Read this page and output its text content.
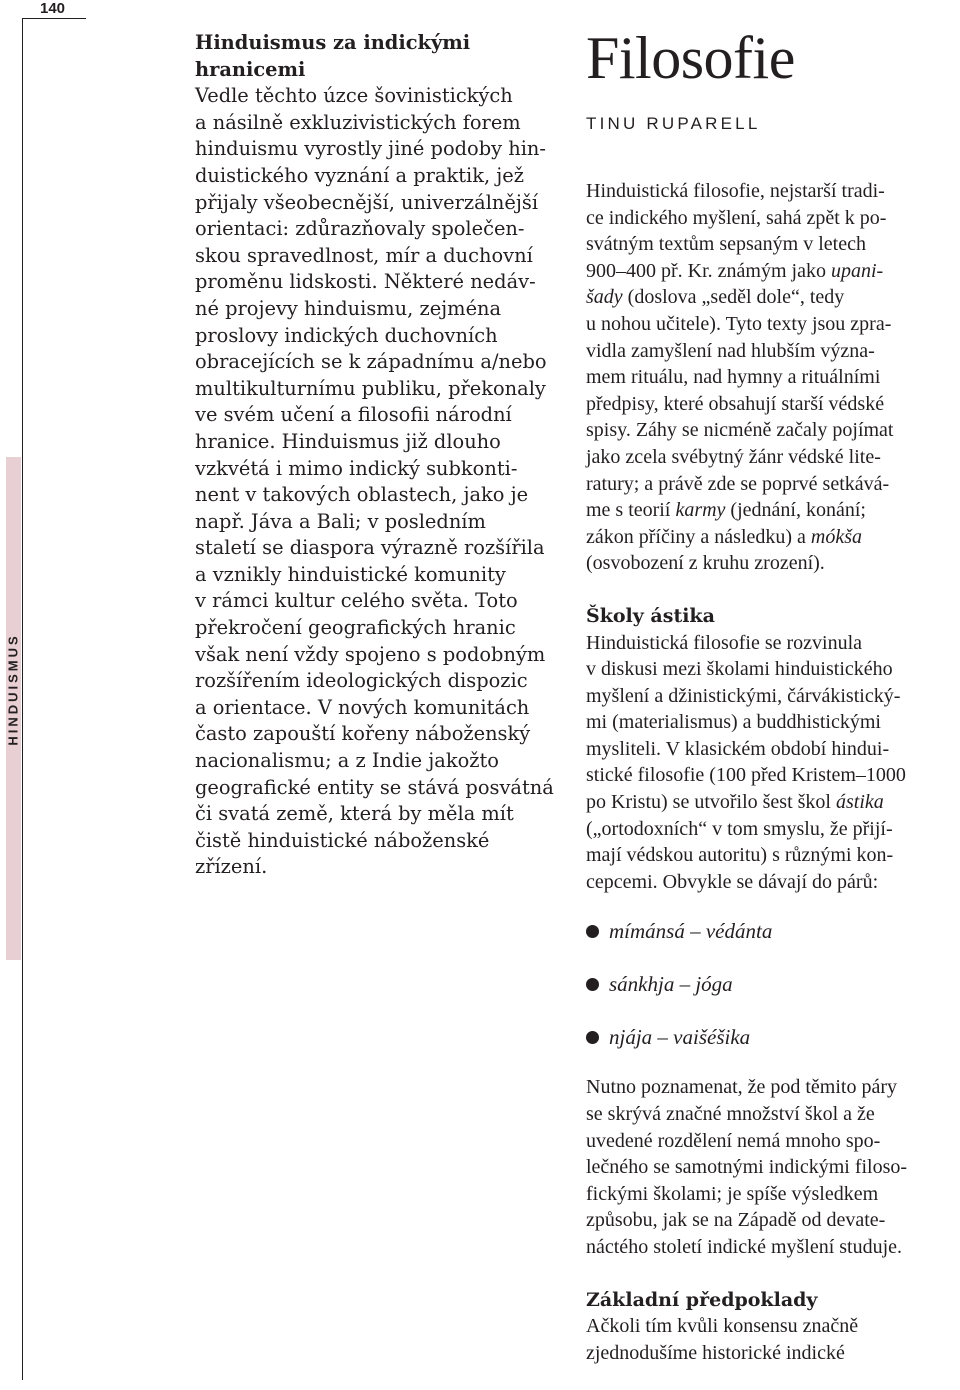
140
HINDUISMUS
Hinduismus za indickými
hranicemi
Vedle těchto úzce šovinistických
a násilně exkluzivistických forem
hinduismu vyrostly jiné podoby hin-
duistického vyznání a praktik, jež
přijaly všeobecnější, univerzálnější
orientaci: zdůrazňovaly společen-
skou spravedlnost, mír a duchovní
proměnu lidskosti. Některé nedáv-
né projevy hinduismu, zejména
proslovy indických duchovních
obracejících se k západnímu a/nebo
multikulturnímu publiku, překonaly
ve svém učení a filosofii národní
hranice. Hinduismus již dlouho
vzkvétá i mimo indický subkonti-
nent v takových oblastech, jako je
např. Jáva a Bali; v posledním
staletí se diaspora výrazně rozšířila
a vznikly hinduistické komunity
v rámci kultur celého světa. Toto
překročení geografických hranic
však není vždy spojeno s podobným
rozšířením ideologických dispozic
a orientace. V nových komunitách
často zapouští kořeny náboženský
nacionalismu; a z Indie jakožto
geografické entity se stává posvátná
či svatá země, která by měla mít
čistě hinduistické náboženské
zřízení.
Filosofie
TINU RUPARELL
Hinduistická filosofie, nejstarší tradi-
ce indického myšlení, sahá zpět k po-
svátným textům sepsaným v letech
900–400 př. Kr. známým jako upani-
šady (doslova „seděl dole“, tedy
u nohou učitele). Tyto texty jsou zpra-
vidla zamyšlení nad hlubším význa-
mem rituálu, nad hymny a rituálními
předpisy, které obsahují starší védské
spisy. Záhy se nicméně začaly pojímat
jako zcela svébytný žánr védské lite-
ratury; a právě zde se poprvé setkává-
me s teorií karmy (jednání, konání;
zákon příčiny a následku) a mókša
(osvobození z kruhu zrození).
Školy ástika
Hinduistická filosofie se rozvinula
v diskusi mezi školami hinduistického
myšlení a džinistickými, čárvákistický-
mi (materialismus) a buddhistickými
mysliteli. V klasickém období hindui-
stické filosofie (100 před Kristem–1000
po Kristu) se utvořilo šest škol ástika
(„ortodoxních“ v tom smyslu, že přijí-
mají védskou autoritu) s různými kon-
cepcemi. Obvykle se dávají do párů:
mímánsá – védánta
sánkhja – jóga
njája – vaišéšika
Nutno poznamenat, že pod těmito páry
se skrývá značné množství škol a že
uvedené rozdělení nemá mnoho spo-
lečného se samotnými indickými filoso-
fickými školami; je spíše výsledkem
způsobu, jak se na Západě od devate-
náctého století indické myšlení studuje.
Základní předpoklady
Ačkoli tím kvůli konsensu značně
zjednodušíme historické indické
